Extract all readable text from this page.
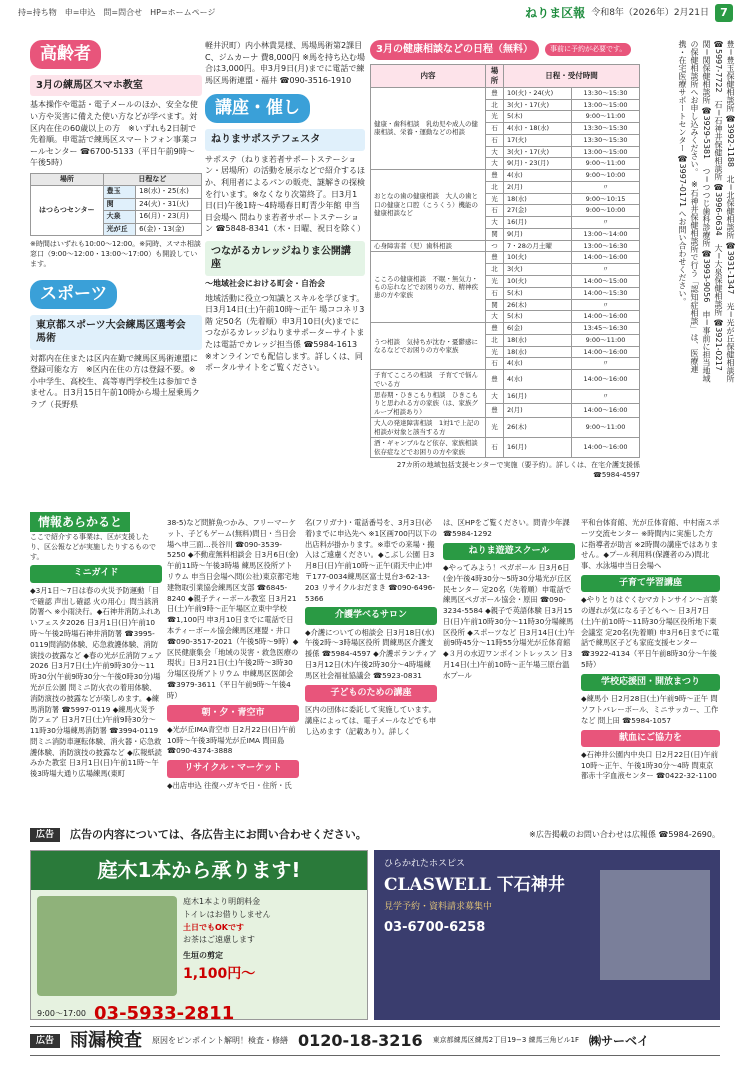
持=持ち物　申=申込　問=問合せ　HP=ホームページ	ねりま区報 令和8年（2026年）2月21日	7
高齢者
3月の練馬区スマホ教室
基本操作や電話・電子メールのほか、安全な使い方や災害に備えた使い方などが学べます。対区内在住の60歳以上の方　※いずれも2日制で先着順。申電話で練馬区スマートフォン事業コールセンター ☎6700-5133（平日午前9時〜午後5時）
場所	日程など	
はつらつセンター	豊玉	18(水)・25(水)
	関	24(火)・31(火)
	大泉	16(月)・23(月)
	光が丘	6(金)・13(金)
※時間はいずれも10:00〜12:00。※同時、スマホ相談窓口（9:00〜12:00・13:00〜17:00）も開設しています。
スポーツ
東京都スポーツ大会練馬区選考会　馬術
対都内在住または区内在勤で練馬区馬術連盟に登録可能な方　※区内在住の方は登録不要。※小中学生、高校生、高等専門学校生は参加できません。日3月15日午前10時から場土屋乗馬クラブ（長野県
軽井沢町）内小林貴晃様、馬場馬術第2課目C、ジムカーナ 費8,000円 ※馬を持ち込む場合は3,000円。申3月9日(月)までに電話で練馬区馬術連盟・福井 ☎090-3516-1910
講座・催し
ねりまサポステフェスタ
サポステ（ねりま若者サポートステーション・居場所）の活動を展示などで紹介するほか、利用者によるパンの販売、謎解きの探検を行います。※なくなり次第終了。日3月1日(日)午後1時〜4時場春日町青少年館 申当日会場へ 問ねりま若者サポートステーション ☎5848-8341（木・日曜、祝日を除く）
つながるカレッジねりま公開講座
〜地域社会における町会・自治会
地域活動に役立つ知識とスキルを学びます。日3月14日(土)午前10時〜正午 場ココネリ3階 定50名（先着順）申3月10日(火)までにつながるカレッジねりまサポーターサイトまたは電話でカレッジ担当係 ☎5984-1613 ※オンラインでも配信します。詳しくは、同ポータルサイトをご覧ください。
3月の健康相談などの日程（無料）	事前に予約が必要です。
内容	場所	日程・受付時間	
健康・歯科相談　乳幼児や成人の健康相談、栄養・運動などの相談	豊	10(火)・24(火)	13:30〜15:30
	北	3(火)・17(火)	13:00〜15:00
	光	5(木)	9:00〜11:00
	石	4(水)・18(水)	13:30〜15:30
	石	17(火)	13:30〜15:30
	大	3(火)・17(火)	13:00〜15:00
	大	9(月)・23(月)	9:00〜11:00
おとなの歯の健康相談　大人の歯と口の健康と口腔（こうくう）機能の健康相談など	豊	4(水)	9:00〜10:00
	北	2(月)	〃
	光	18(水)	9:00〜10:15
	石	27(金)	9:00〜10:00
	大	16(月)	〃
	関	9(月)	13:00〜14:00
心身障害者（児）歯科相談	つ	7・28の月土曜	13:00〜16:30
こころの健康相談　不眠・無気力・もの忘れなどでお困りの方、精神疾患の方や家族	豊	10(火)	14:00〜16:00
	北	3(火)	〃
	光	10(火)	14:00〜15:00
	石	5(木)	14:00〜15:30
	関	26(木)	〃
	大	5(木)	14:00〜16:00
うつ相談　気持ちが沈む・憂鬱感になるなどでお困りの方や家族	豊	6(金)	13:45〜16:30
	北	18(水)	9:00〜11:00
	光	18(水)	14:00〜16:00
	石	4(水)	〃
子育てこころの相談　子育てで悩んでいる方	豊	4(水)	14:00〜16:00
思春期・ひきこもり相談　ひきこもりと思われる方の家族（は、家族グループ相談あり）	大	16(月)	〃
	豊	2(月)	14:00〜16:00
大人の発達障害相談　1対1で上記の相談が対象と該当する方	光	26(木)	9:00〜11:00
酒・ギャンブルなど依存、家族相談　依存症などでお困りの方や家族	石	16(月)	14:00〜16:00
27カ所の地域包括支援センターで実施（要予約）。詳しくは、在宅介護支援係 ☎5984-4597
豊＝豊玉保健相談所 ☎3992-1188　北＝北保健相談所 ☎3931-1347　光＝光が丘保健相談所 ☎5997-7722　石＝石神井保健相談所 ☎3996-0634　大＝大泉保健相談所 ☎3921-0217　関＝関保健相談所 ☎3929-5381　つ＝つつじ歯科診療所 ☎3993-9056　申＝事前に担当地域の保健相談所へお申し込みください。　※石神井保健相談所で行う「認知症相談」は、医療連携・在宅医療サポートセンター ☎3997-0171 へお問い合わせください。
情報あらかると
ここで紹介する事業は、区が支援したり、区公報などが実施したりするものです。
ミニガイド
◆3月1日〜7日は春の火災予防運動「目で確認 声出し確認 火の用心」問当該消防署へ ※小雨決行。◆石神井消防ふれあいフェスタ2026 日3月1日(日)午前10時〜午後2時場石神井消防署 ☎3995-0119問消防体験、応急救護体験、消防演技の披露など ◆春の光が丘消防フェア2026 日3月7日(土)午前9時30分〜11時30分(午前9時30分〜午後0時30分)場光が丘公園 問ミニ防火衣の着用体験、消防演技の披露などが楽しめます。◆練馬消防署 ☎5997-0119 ◆練馬火災予防フェア 日3月7日(土)午前9時30分〜11時30分場練馬消防署 ☎3994-0119問ミニ消防車運転体験、消火器・応急救護体験、消防演技の披露など ◆広報紙読みかた教室 日3月1日(日)午前11時〜午後3時場大通り広場練馬(東町
38-5)など問鮮魚つかみ、フリーマーケット、子どもゲーム(無料)問日・当日会場へ申三面…長谷川 ☎090-3539-5250 ◆不動産無料相談会 日3月6日(金)午前11時〜午後3時場 練馬区役所アトリウム 申当日会場へ問(公社)東京都宅地建物取引業協会練馬区支部 ☎6845-8240 ◆親子ティーボール教室 日3月21日(土)午前9時〜正午場区立東中学校 ☎1,100円 申3月10日までに電話で日本ティーボール協会練馬区連盟・井口 ☎090-3517-2021（午後5時〜9時）◆区民健康集会「地域の災害・救急医療の現状」日3月21日(土)午後2時〜3時30分場区役所アトリウム 申練馬区医師会 ☎3979-3611（平日午前9時〜午後4時）
朝・夕・青空市
◆光が丘IMA青空市 日2月22日(日)午前10時〜午後3時場光が丘IMA 問田島 ☎090-4374-3888
リサイクル・マーケット
◆出店申込 往復ハガキで日・住所・氏
名(フリガナ)・電話番号を、3月3日(必着)までに申込先へ ※1区画700円以下の出店料が掛かります。※車での来場・搬入はご遠慮ください。◆こぶし公園 日3月8日(日)午前10時〜正午(雨天中止)申〒177-0034練馬区富士見台3-62-13-203 リサイクルおだまき ☎090-6496-5366
介護学べるサロン
◆介護についての相談会 日3月18日(水)午後2時〜3時場区役所 問練馬区介護支援係 ☎5984-4597 ◆介護ボランティア 日3月12日(木)午後2時30分〜4時場練馬区社会福祉協議会 ☎5923-0831
子どものための講座
区内の団体に委託して実施しています。講座によっては、電子メールなどでも申し込めます（記載あり）。詳しく
は、区HPをご覧ください。問青少年課 ☎5984-1292
ねりま遊遊スクール
◆やってみよう！ペガボール 日3月6日(金)午後4時30分〜5時30分場光が丘区民センター 定20名（先着順）申電話で練馬区ペガボール協会・原田 ☎090-3234-5584 ◆親子で英語体験 日3月15日(日)午前10時30分〜11時30分場練馬区役所 ◆スポーツなど 日3月14日(土)午前9時45分〜11時55分場光が丘体育館 ◆３月の水辺ワンポイントレッスン 日3月14日(土)午前10時〜正午場三原台温水プール
平和台体育館、光が丘体育館、中村南スポーツ交流センター ※時間内に実施した方に指導者が助言 ※2時間の講座ではありません。◆プール利用料(保護者のみ)問北事、水泳場申当日会場へ
子育て学習講座
◆やりとりはぐくむマカトンサイン〜言葉の遅れが気になる子どもへ〜 日3月7日(土)午前10時〜11時30分場区役所地下東会議室 定20名(先着順) 申3月6日までに電話で練馬区子ども家庭支援センター ☎3922-4134（平日午前8時30分〜午後5時）
学校応援団・開放まつり
◆練馬小 日2月28日(土)午前9時〜正午 問ソフトバレーボール、ミニサッカー、工作など 問上田 ☎5984-1057
献血にご協力を
◆石神井公園内中央口 日2月22日(日)午前10時〜正午、午後1時30分〜4時 問東京都赤十字血液センター ☎0422-32-1100
広告	広告の内容については、各広告主にお問い合わせください。	※広告掲載のお問い合わせは広報係 ☎5984-2690。
庭木1本から承ります!
庭木1本より明朗料金
トイレはお借りしません
土日でもOKです
お茶はご遠慮します
生垣の剪定
1,100円～
9:00〜17:00 03-5933-2811
ひらかれたホスピス
CLASWELL 下石神井
見学予約・資料請求募集中
03-6700-6258
広告 雨漏検査 原因をピンポイント解明！検査・修繕 0120-18-3216 東京都練馬区練馬2丁目19−3 練馬三角ビル1F ㈱サーベイ
